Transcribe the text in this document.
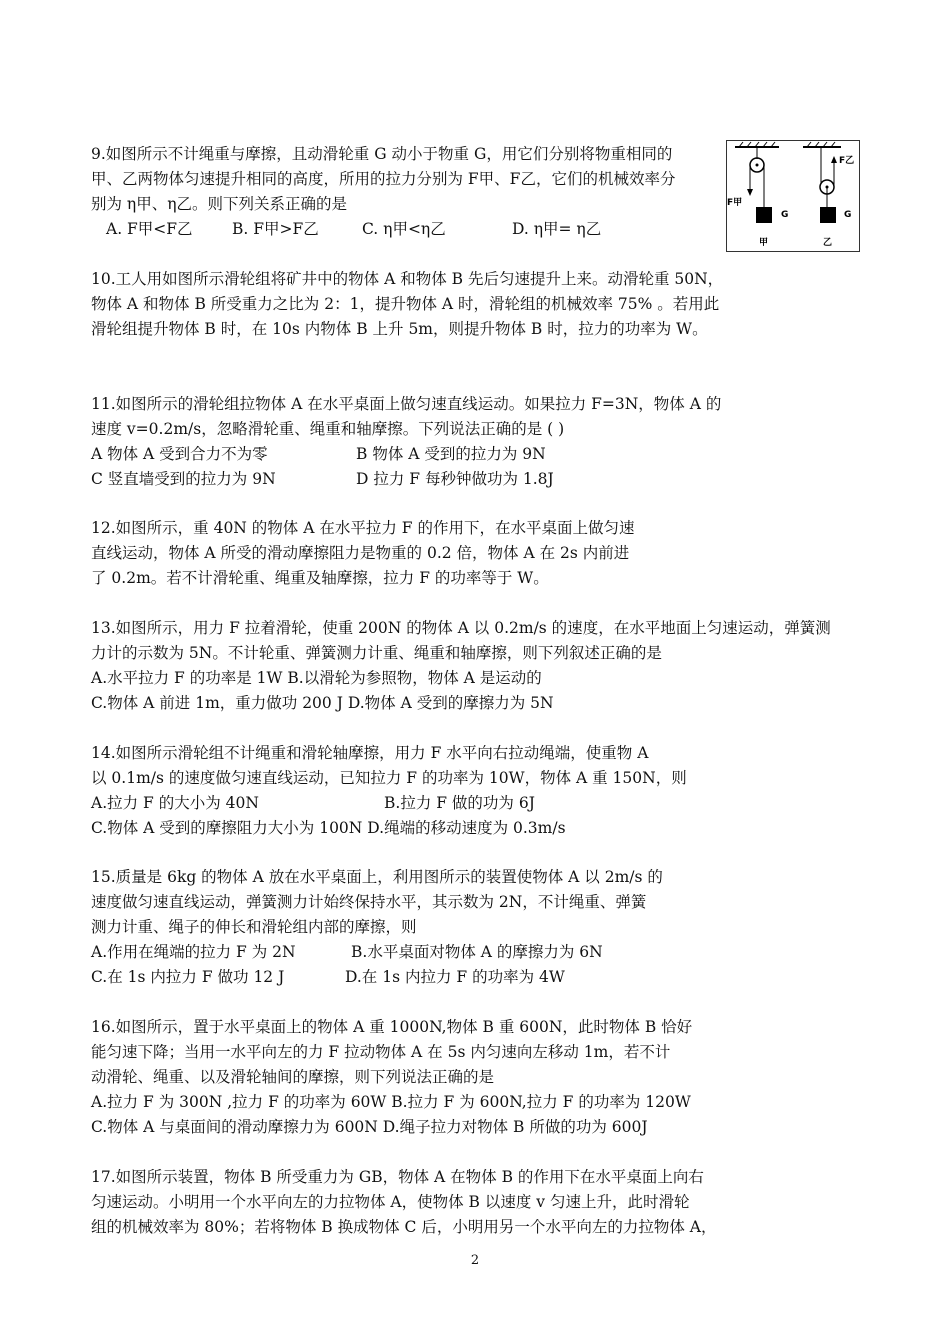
9.如图所示不计绳重与摩擦，且动滑轮重 G 动小于物重 G，用它们分别将物重相同的
甲、乙两物体匀速提升相同的高度，所用的拉力分别为 F甲、F乙，它们的机械效率分
别为 η甲、η乙。则下列关系正确的是
A. F甲<F乙	B. F甲>F乙	C. η甲<η乙	D. η甲= η乙
F甲
G
甲
F乙
G
乙
10.工人用如图所示滑轮组将矿井中的物体 A 和物体 B 先后匀速提升上来。动滑轮重 50N，
物体 A 和物体 B 所受重力之比为 2：1，提升物体 A 时，滑轮组的机械效率 75% 。若用此
滑轮组提升物体 B 时，在 10s 内物体 B 上升 5m，则提升物体 B 时，拉力的功率为 W。
11.如图所示的滑轮组拉物体 A 在水平桌面上做匀速直线运动。如果拉力 F=3N，物体 A 的
速度 v=0.2m/s，忽略滑轮重、绳重和轴摩擦。下列说法正确的是 ( )
A 物体 A 受到合力不为零	B 物体 A 受到的拉力为 9N
C 竖直墙受到的拉力为 9N	D 拉力 F 每秒钟做功为 1.8J
12.如图所示，重 40N 的物体 A 在水平拉力 F 的作用下，在水平桌面上做匀速
直线运动，物体 A 所受的滑动摩擦阻力是物重的 0.2 倍，物体 A 在 2s 内前进
了 0.2m。若不计滑轮重、绳重及轴摩擦，拉力 F 的功率等于 W。
13.如图所示，用力 F 拉着滑轮，使重 200N 的物体 A 以 0.2m/s 的速度，在水平地面上匀速运动，弹簧测
力计的示数为 5N。不计轮重、弹簧测力计重、绳重和轴摩擦，则下列叙述正确的是
A.水平拉力 F 的功率是 1W B.以滑轮为参照物，物体 A 是运动的
C.物体 A 前进 1m，重力做功 200 J D.物体 A 受到的摩擦力为 5N
14.如图所示滑轮组不计绳重和滑轮轴摩擦，用力 F 水平向右拉动绳端，使重物 A
以 0.1m/s 的速度做匀速直线运动，已知拉力 F 的功率为 10W，物体 A 重 150N，则
A.拉力 F 的大小为 40N	B.拉力 F 做的功为 6J
C.物体 A 受到的摩擦阻力大小为 100N D.绳端的移动速度为 0.3m/s
15.质量是 6kg 的物体 A 放在水平桌面上，利用图所示的装置使物体 A 以 2m/s 的
速度做匀速直线运动，弹簧测力计始终保持水平，其示数为 2N，不计绳重、弹簧
测力计重、绳子的伸长和滑轮组内部的摩擦，则
A.作用在绳端的拉力 F 为 2N	B.水平桌面对物体 A 的摩擦力为 6N
C.在 1s 内拉力 F 做功 12 J	D.在 1s 内拉力 F 的功率为 4W
16.如图所示，置于水平桌面上的物体 A 重 1000N,物体 B 重 600N，此时物体 B 恰好
能匀速下降；当用一水平向左的力 F 拉动物体 A 在 5s 内匀速向左移动 1m，若不计
动滑轮、绳重、以及滑轮轴间的摩擦，则下列说法正确的是
A.拉力 F 为 300N ,拉力 F 的功率为 60W B.拉力 F 为 600N,拉力 F 的功率为 120W
C.物体 A 与桌面间的滑动摩擦力为 600N D.绳子拉力对物体 B 所做的功为 600J
17.如图所示装置，物体 B 所受重力为 GB，物体 A 在物体 B 的作用下在水平桌面上向右
匀速运动。小明用一个水平向左的力拉物体 A，使物体 B 以速度 v 匀速上升，此时滑轮
组的机械效率为 80%；若将物体 B 换成物体 C 后，小明用另一个水平向左的力拉物体 A，
2
